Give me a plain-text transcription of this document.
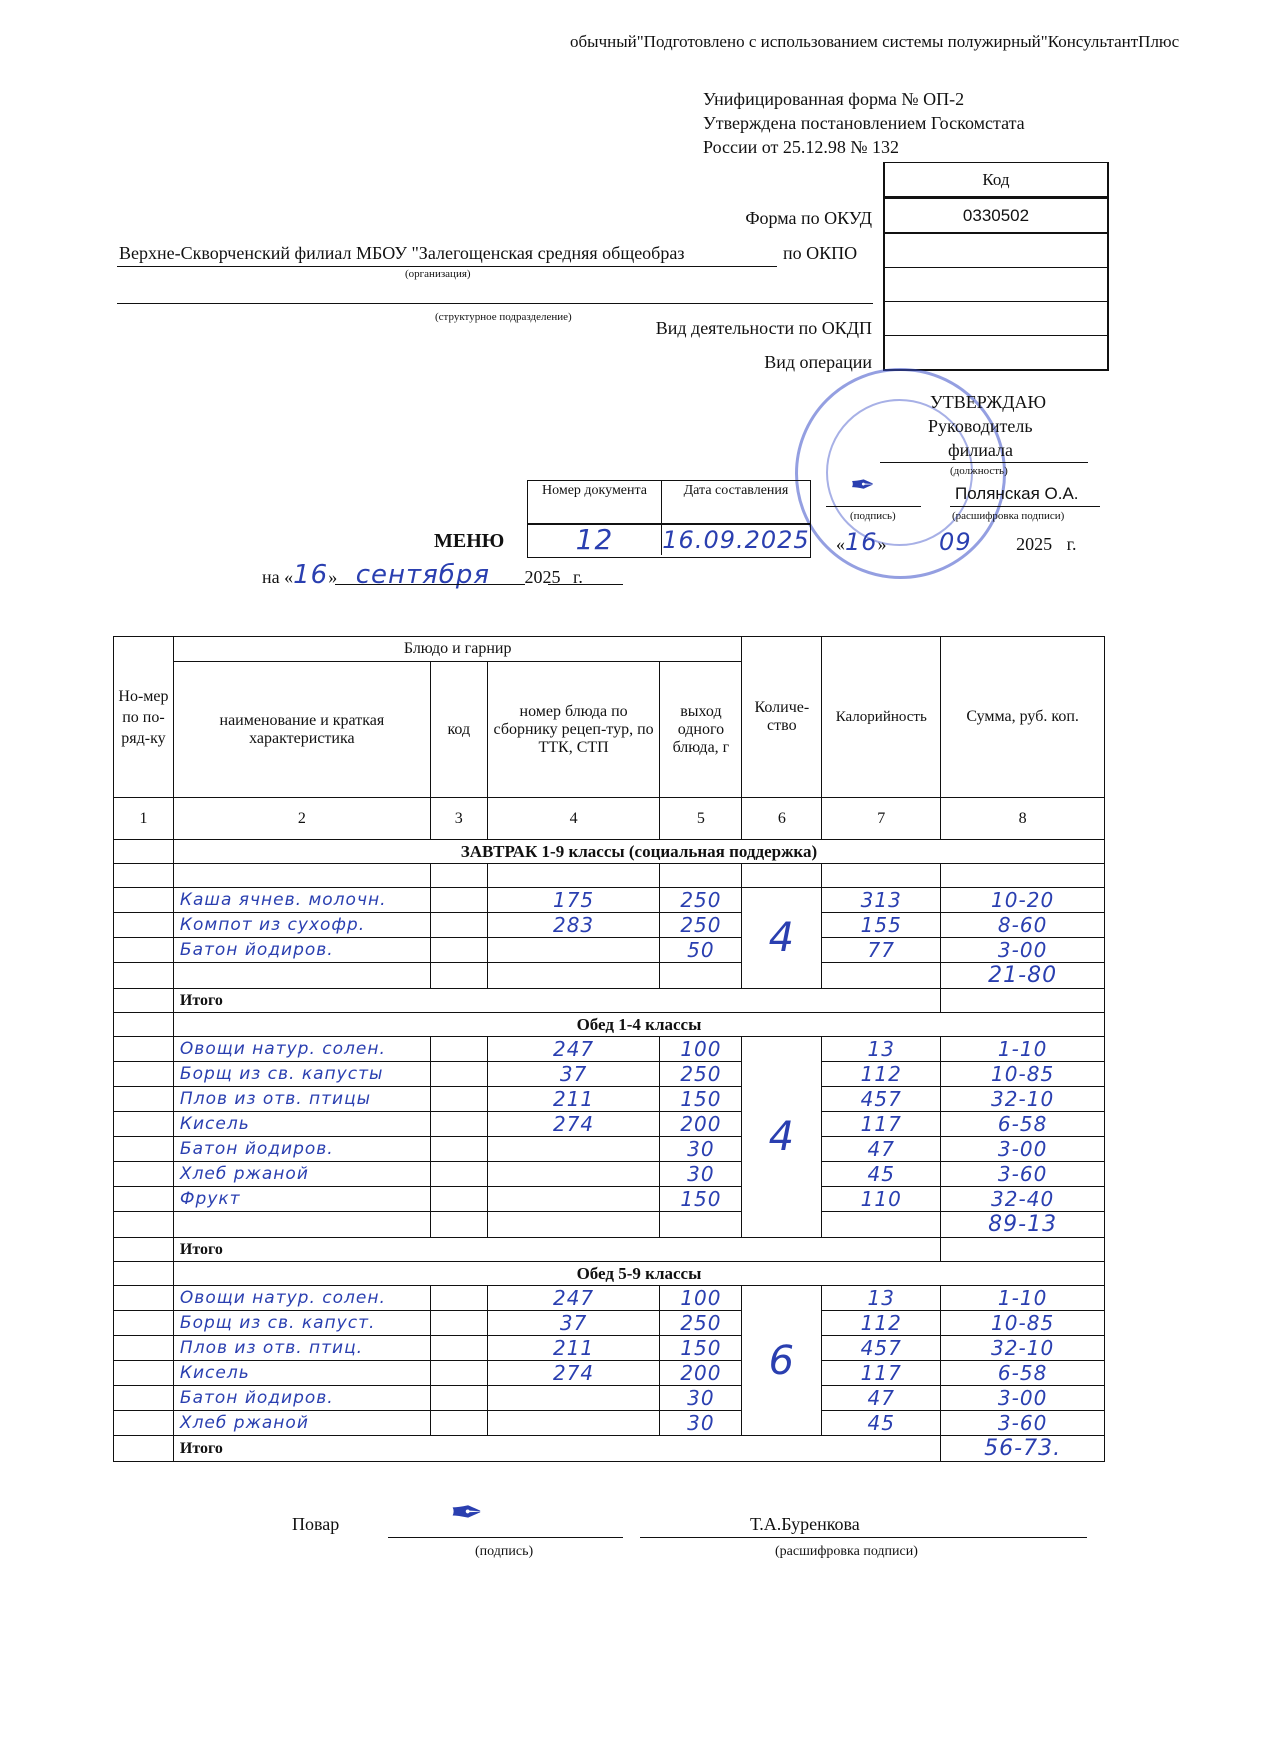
обычный"Подготовлено с использованием системы полужирный"КонсультантПлюс
Унифицированная форма № ОП-2
Утверждена постановлением Госкомстата
России от 25.12.98 № 132
Код
0330502
Форма по ОКУД
Верхне-Скворченский филиал МБОУ "Залегощенская средняя общеобраз	по ОКПО
(организация)
(структурное подразделение)
Вид деятельности по ОКДП
Вид операции
УТВЕРЖДАЮ
Руководитель
филиала
(должность)
✒	Полянская О.А.
(подпись)	(расшифровка подписи)
«16» 09 2025 г.
Номер документа	Дата составления
12	16.09.2025
МЕНЮ
на «16» сентября 2025 г.
Но-мер по по-ряд-ку	Блюдо и гарнир				Количе-ство	Калорийность	Сумма, руб. коп.
	наименование и краткая характеристика	код	номер блюда по сборнику рецеп-тур, по ТТК, СТП	выход одного блюда, г			
1	2	3	4	5	6	7	8
	ЗАВТРАК 1-9 классы (социальная поддержка)						

	Каша ячнев. молочн.		175	250	4	313	10-20
	Компот из сухофр.		283	250		155	8-60
	Батон йодиров.			50		77	3-00
							21-80
	Итого						
	Обед 1-4 классы						
	Овощи натур. солен.		247	100	4	13	1-10
	Борщ из св. капусты		37	250		112	10-85
	Плов из отв. птицы		211	150		457	32-10
	Кисель		274	200		117	6-58
	Батон йодиров.			30		47	3-00
	Хлеб ржаной			30		45	3-60
	Фрукт			150		110	32-40
							89-13
	Итого						
	Обед 5-9 классы						
	Овощи натур. солен.		247	100	6	13	1-10
	Борщ из св. капуст.		37	250		112	10-85
	Плов из отв. птиц.		211	150		457	32-10
	Кисель		274	200		117	6-58
	Батон йодиров.			30		47	3-00
	Хлеб ржаной			30		45	3-60
	Итого						56-73.
Повар	✒
(подпись)
Т.А.Буренкова
(расшифровка подписи)
